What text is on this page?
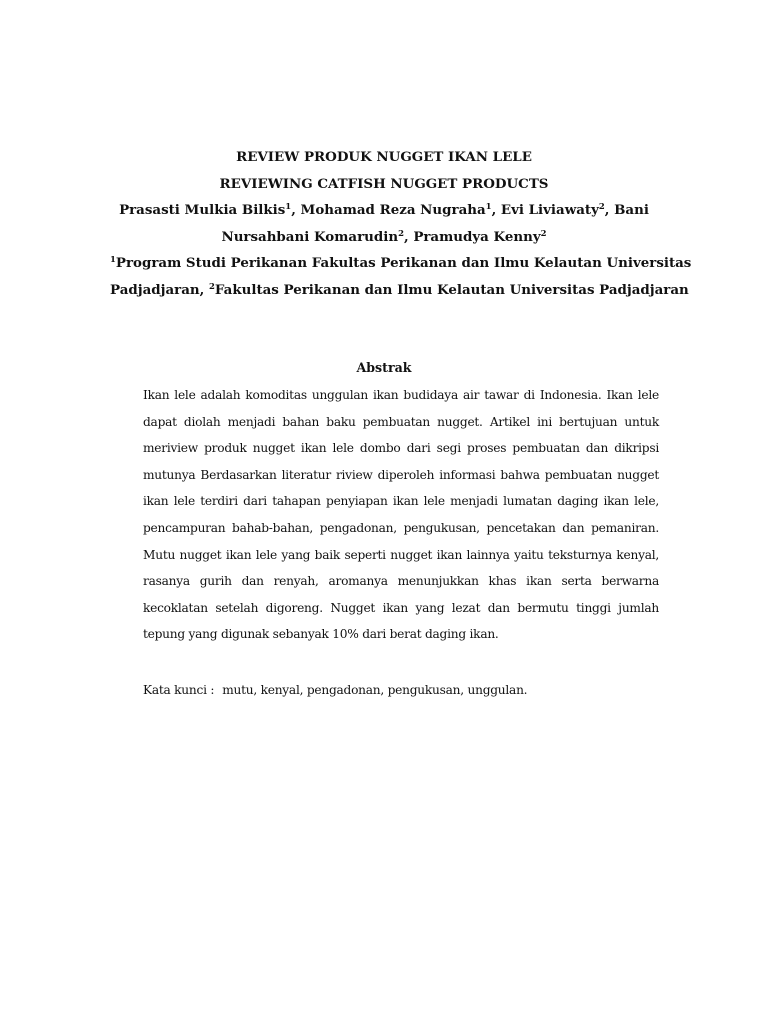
REVIEW PRODUK NUGGET IKAN LELE
REVIEWING CATFISH NUGGET PRODUCTS
Prasasti Mulkia Bilkis$^1$, Mohamad Reza Nugraha$^1$, Evi Liviawaty$^2$, Bani
Nursahbani Komarudin$^2$, Pramudya Kenny$^2$
$^1$Program Studi Perikanan Fakultas Perikanan dan Ilmu Kelautan Universitas
Padjadjaran, $^2$Fakultas Perikanan dan Ilmu Kelautan Universitas Padjadjaran
Abstrak
Ikan lele adalah komoditas unggulan ikan budidaya air tawar di Indonesia. Ikan lele
dapat diolah menjadi bahan baku pembuatan nugget. Artikel ini bertujuan untuk
meriview produk nugget ikan lele dombo dari segi proses pembuatan dan dikripsi
mutunya Berdasarkan literatur riview diperoleh informasi bahwa pembuatan nugget
ikan lele terdiri dari tahapan penyiapan ikan lele menjadi lumatan daging ikan lele,
pencampuran bahab-bahan, pengadonan, pengukusan, pencetakan dan pemaniran.
Mutu nugget ikan lele yang baik seperti nugget ikan lainnya yaitu teksturnya kenyal,
rasanya gurih dan renyah, aromanya menunjukkan khas ikan serta berwarna
kecoklatan setelah digoreng. Nugget ikan yang lezat dan bermutu tinggi jumlah
tepung yang digunak sebanyak 10% dari berat daging ikan.
Kata kunci : mutu, kenyal, pengadonan, pengukusan, unggulan.
